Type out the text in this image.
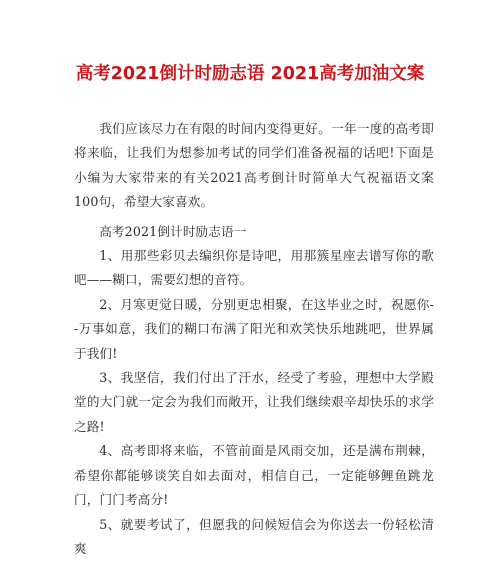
高考2021倒计时励志语 2021高考加油文案

我们应该尽力在有限的时间内变得更好。一年一度的高考即将来临，让我们为想参加考试的同学们准备祝福的话吧!下面是小编为大家带来的有关2021高考倒计时简单大气祝福语文案100句，希望大家喜欢。

高考2021倒计时励志语一

1、用那些彩贝去编织你是诗吧，用那簇星座去谱写你的歌吧——糊口，需要幻想的音符。

2、月寒更觉日暖，分别更忠相聚，在这毕业之时，祝愿你--万事如意，我们的糊口布满了阳光和欢笑快乐地跳吧，世界属于我们!

3、我坚信，我们付出了汗水，经受了考验，理想中大学殿堂的大门就一定会为我们而敞开，让我们继续艰辛却快乐的求学之路!

4、高考即将来临，不管前面是风雨交加，还是满布荆棘，希望你都能够谈笑自如去面对，相信自己，一定能够鲤鱼跳龙门，门门考高分!

5、就要考试了，但愿我的问候短信会为你送去一份轻松清爽
